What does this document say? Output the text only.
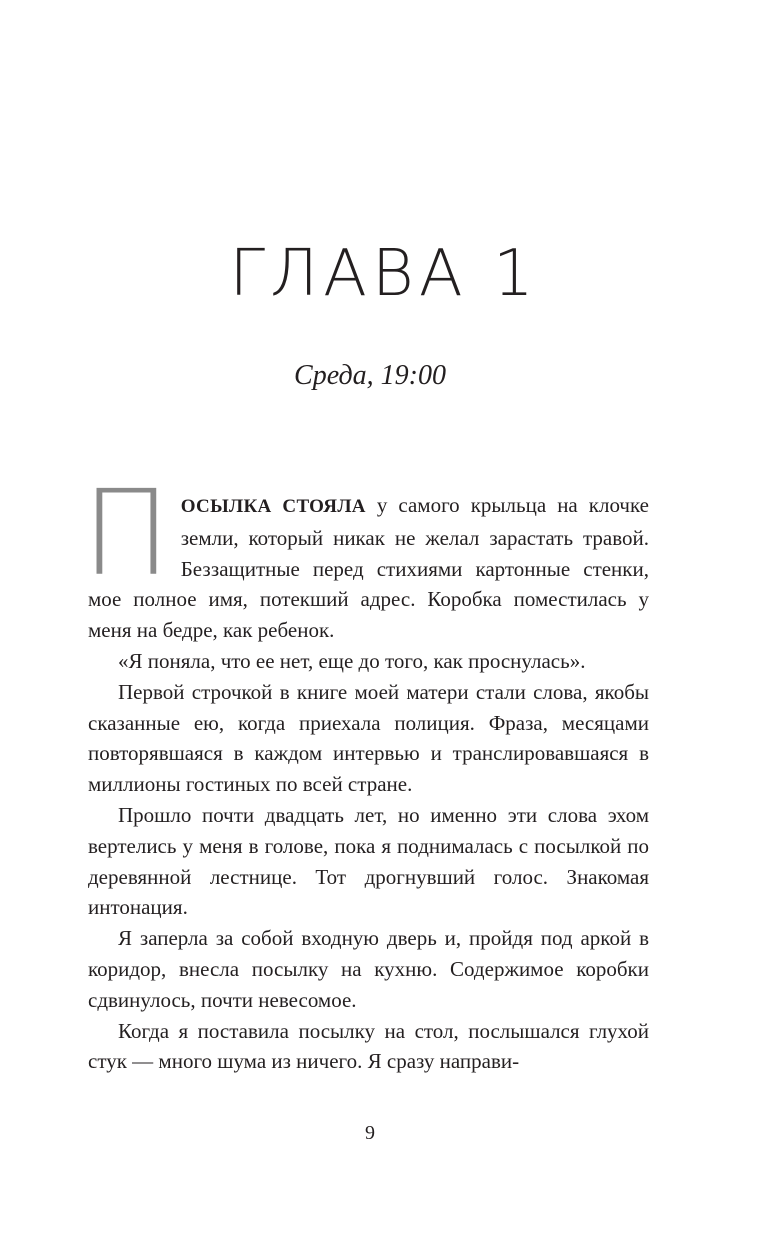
ГЛАВА 1
Среда, 19:00

ПОСЫЛКА СТОЯЛА у самого крыльца на клочке земли, который никак не желал зарастать травой. Беззащитные перед стихиями картонные стенки, мое полное имя, потекший адрес. Коробка поместилась у меня на бедре, как ребенок.

«Я поняла, что ее нет, еще до того, как проснулась».

Первой строчкой в книге моей матери стали слова, якобы сказанные ею, когда приехала полиция. Фраза, месяцами повторявшаяся в каждом интервью и транслировавшаяся в миллионы гостиных по всей стране.

Прошло почти двадцать лет, но именно эти слова эхом вертелись у меня в голове, пока я поднималась с посылкой по деревянной лестнице. Тот дрогнувший голос. Знакомая интонация.

Я заперла за собой входную дверь и, пройдя под аркой в коридор, внесла посылку на кухню. Содержимое коробки сдвинулось, почти невесомое.

Когда я поставила посылку на стол, послышался глухой стук — много шума из ничего. Я сразу направи-

9
